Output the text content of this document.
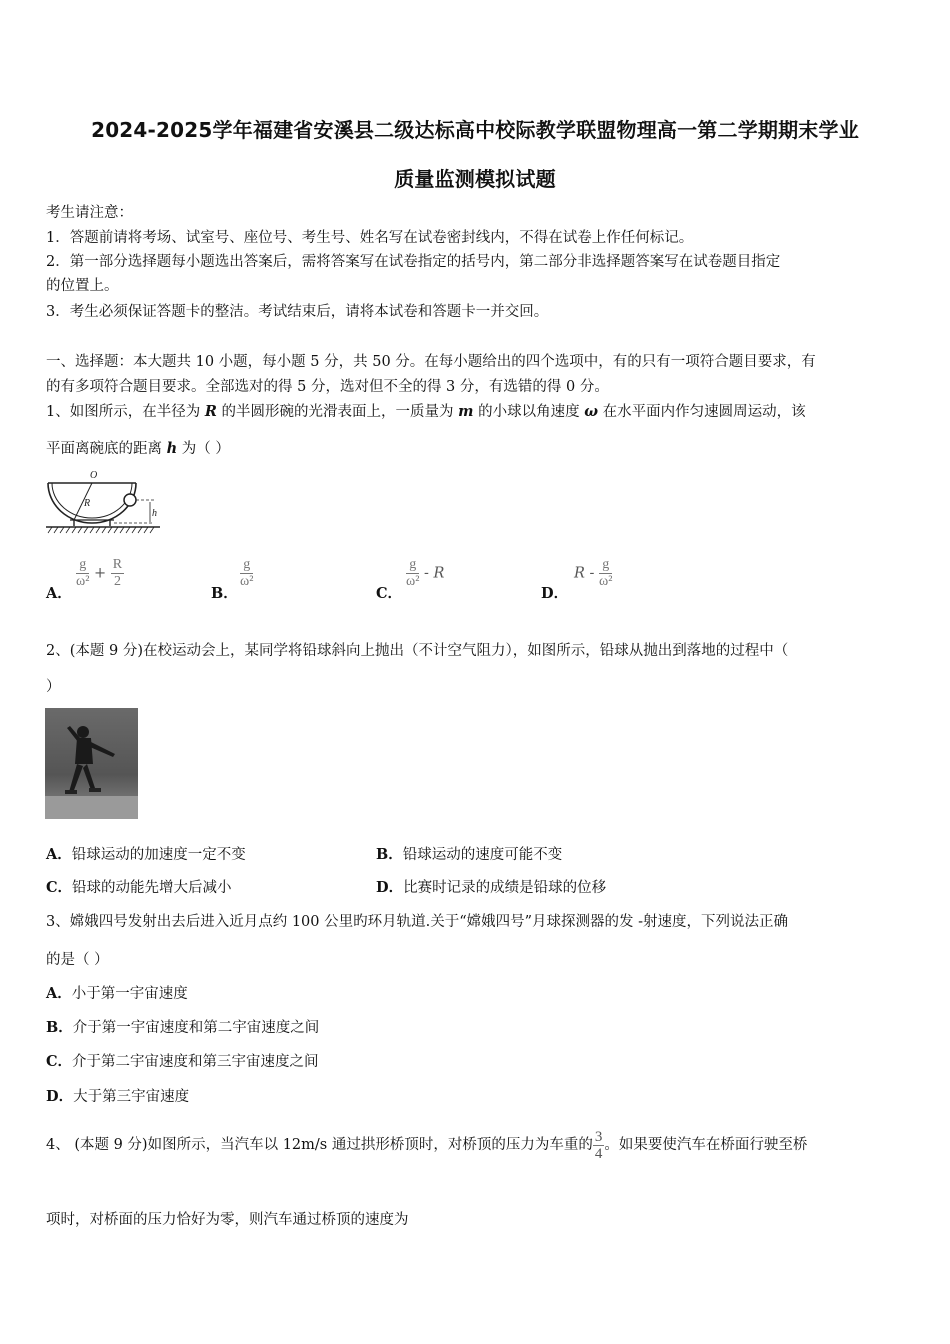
2024-2025学年福建省安溪县二级达标高中校际教学联盟物理高一第二学期期末学业
质量监测模拟试题
考生请注意：
1．答题前请将考场、试室号、座位号、考生号、姓名写在试卷密封线内，不得在试卷上作任何标记。
2．第一部分选择题每小题选出答案后，需将答案写在试卷指定的括号内，第二部分非选择题答案写在试卷题目指定
的位置上。
3．考生必须保证答题卡的整洁。考试结束后，请将本试卷和答题卡一并交回。
一、选择题：本大题共 10 小题，每小题 5 分，共 50 分。在每小题给出的四个选项中，有的只有一项符合题目要求，有
的有多项符合题目要求。全部选对的得 5 分，选对但不全的得 3 分，有选错的得 0 分。
1、如图所示，在半径为 R 的半圆形碗的光滑表面上，一质量为 m 的小球以角速度 ω 在水平面内作匀速圆周运动，该
平面离碗底的距离 h 为（ ）
O
R
h
A．
$\frac{g}{\text{ω²}} + \frac{R}{2}$
B．
$\frac{g}{\text{ω²}}$
C．
$\frac{g}{\text{ω²}}$ - R
D．
R - $\frac{g}{\text{ω²}}$
2、(本题 9 分)在校运动会上，某同学将铅球斜向上抛出（不计空气阻力），如图所示，铅球从抛出到落地的过程中（
）
A．铅球运动的加速度一定不变	B．铅球运动的速度可能不变
C．铅球的动能先增大后减小	D．比赛时记录的成绩是铅球的位移
3、嫦娥四号发射出去后进入近月点约 100 公里旳环月轨道.关于“嫦娥四号”月球探测器的发 -射速度，下列说法正确
的是（ ）
A．小于第一宇宙速度
B．介于第一宇宙速度和第二宇宙速度之间
C．介于第二宇宙速度和第三宇宙速度之间
D．大于第三宇宙速度
4、 (本题 9 分)如图所示，当汽车以 12m/s 通过拱形桥顶时，对桥顶的压力为车重的 $\frac{3}{4}$ 。如果要使汽车在桥面行驶至桥
项时，对桥面的压力恰好为零，则汽车通过桥顶的速度为
